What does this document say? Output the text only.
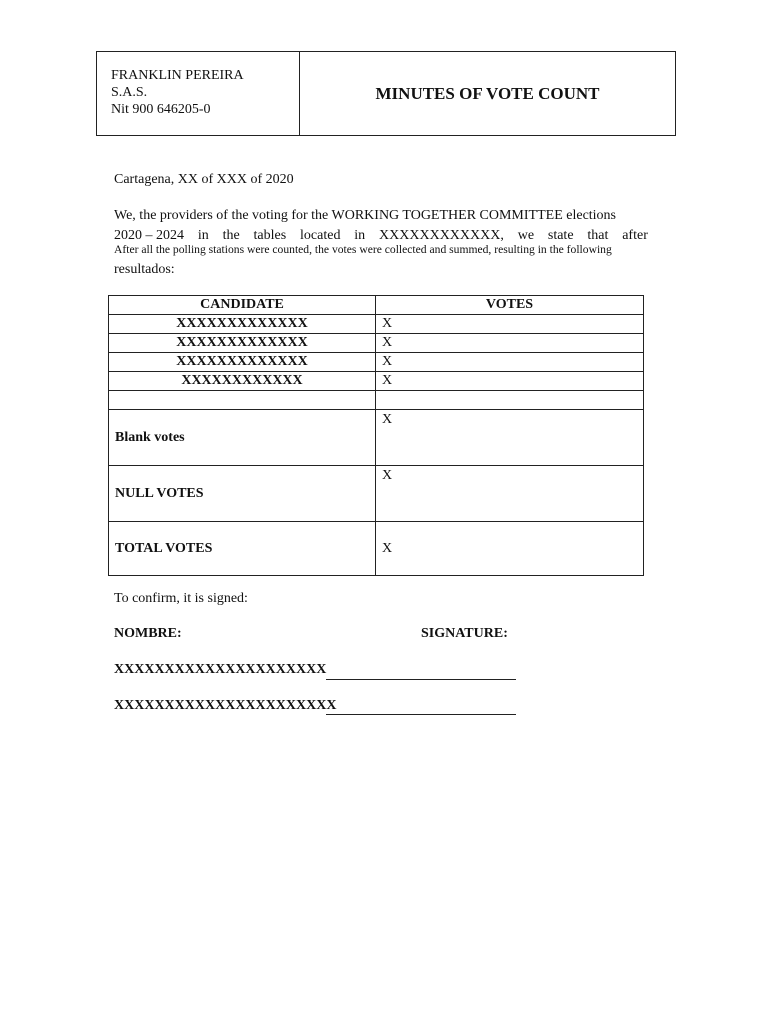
FRANKLIN PEREIRA
S.A.S.
Nit 900 646205-0
MINUTES OF VOTE COUNT
Cartagena, XX of XXX of 2020
We, the providers of the voting for the WORKING TOGETHER COMMITTEE elections
2020 – 2024 in the tables located in XXXXXXXXXXXX, we state that after
After all the polling stations were counted, the votes were collected and summed, resulting in the following
resultados:
CANDIDATE	VOTES
XXXXXXXXXXXXX	X
XXXXXXXXXXXXX	X
XXXXXXXXXXXXX	X
XXXXXXXXXXXX	X

Blank votes	X
NULL VOTES	X
TOTAL VOTES	X
To confirm, it is signed:
NOMBRE:	SIGNATURE:
XXXXXXXXXXXXXXXXXXXXX
XXXXXXXXXXXXXXXXXXXXXX
